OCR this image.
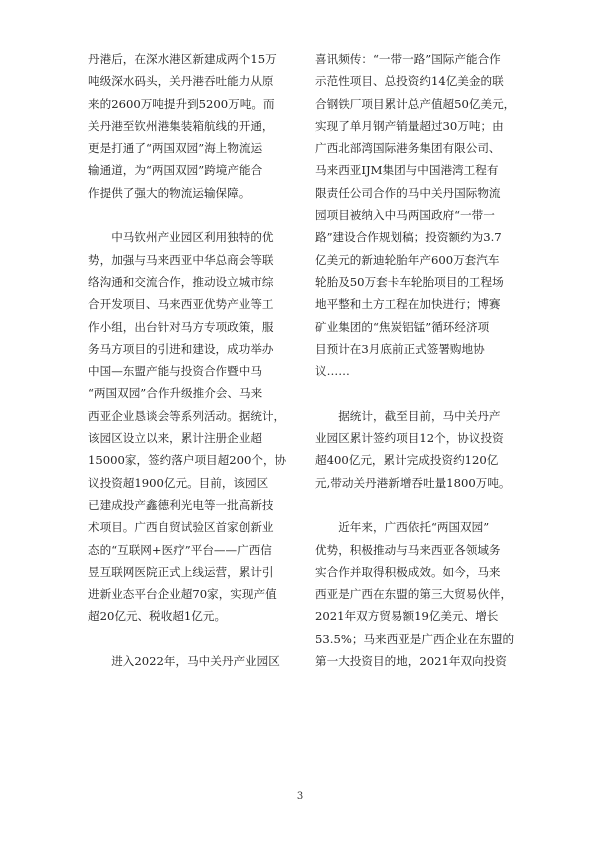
丹港后，在深水港区新建成两个15万
吨级深水码头，关丹港吞吐能力从原
来的2600万吨提升到5200万吨。而
关丹港至钦州港集装箱航线的开通，
更是打通了“两国双园”海上物流运
输通道，为“两国双园”跨境产能合
作提供了强大的物流运输保障。
　　中马钦州产业园区利用独特的优
势，加强与马来西亚中华总商会等联
络沟通和交流合作，推动设立城市综
合开发项目、马来西亚优势产业等工
作小组，出台针对马方专项政策，服
务马方项目的引进和建设，成功举办
中国—东盟产能与投资合作暨中马
“两国双园”合作升级推介会、马来
西亚企业恳谈会等系列活动。据统计，
该园区设立以来，累计注册企业超
15000家，签约落户项目超200个，协
议投资超1900亿元。目前，该园区
已建成投产鑫德利光电等一批高新技
术项目。广西自贸试验区首家创新业
态的“互联网+医疗”平台——广西信
昱互联网医院正式上线运营，累计引
进新业态平台企业超70家，实现产值
超20亿元、税收超1亿元。
　　进入2022年，马中关丹产业园区
喜讯频传：“一带一路”国际产能合作
示范性项目、总投资约14亿美金的联
合钢铁厂项目累计总产值超50亿美元，
实现了单月钢产销量超过30万吨；由
广西北部湾国际港务集团有限公司、
马来西亚IJM集团与中国港湾工程有
限责任公司合作的马中关丹国际物流
园项目被纳入中马两国政府“一带一
路”建设合作规划稿；投资额约为3.7
亿美元的新迪轮胎年产600万套汽车
轮胎及50万套卡车轮胎项目的工程场
地平整和土方工程在加快进行；博赛
矿业集团的“焦炭铝锰”循环经济项
目预计在3月底前正式签署购地协
议……
　　据统计，截至目前，马中关丹产
业园区累计签约项目12个，协议投资
超400亿元，累计完成投资约120亿
元,带动关丹港新增吞吐量1800万吨。
　　近年来，广西依托“两国双园”
优势，积极推动与马来西亚各领域务
实合作并取得积极成效。如今，马来
西亚是广西在东盟的第三大贸易伙伴，
2021年双方贸易额19亿美元、增长
53.5%；马来西亚是广西企业在东盟的
第一大投资目的地，2021年双向投资
3
